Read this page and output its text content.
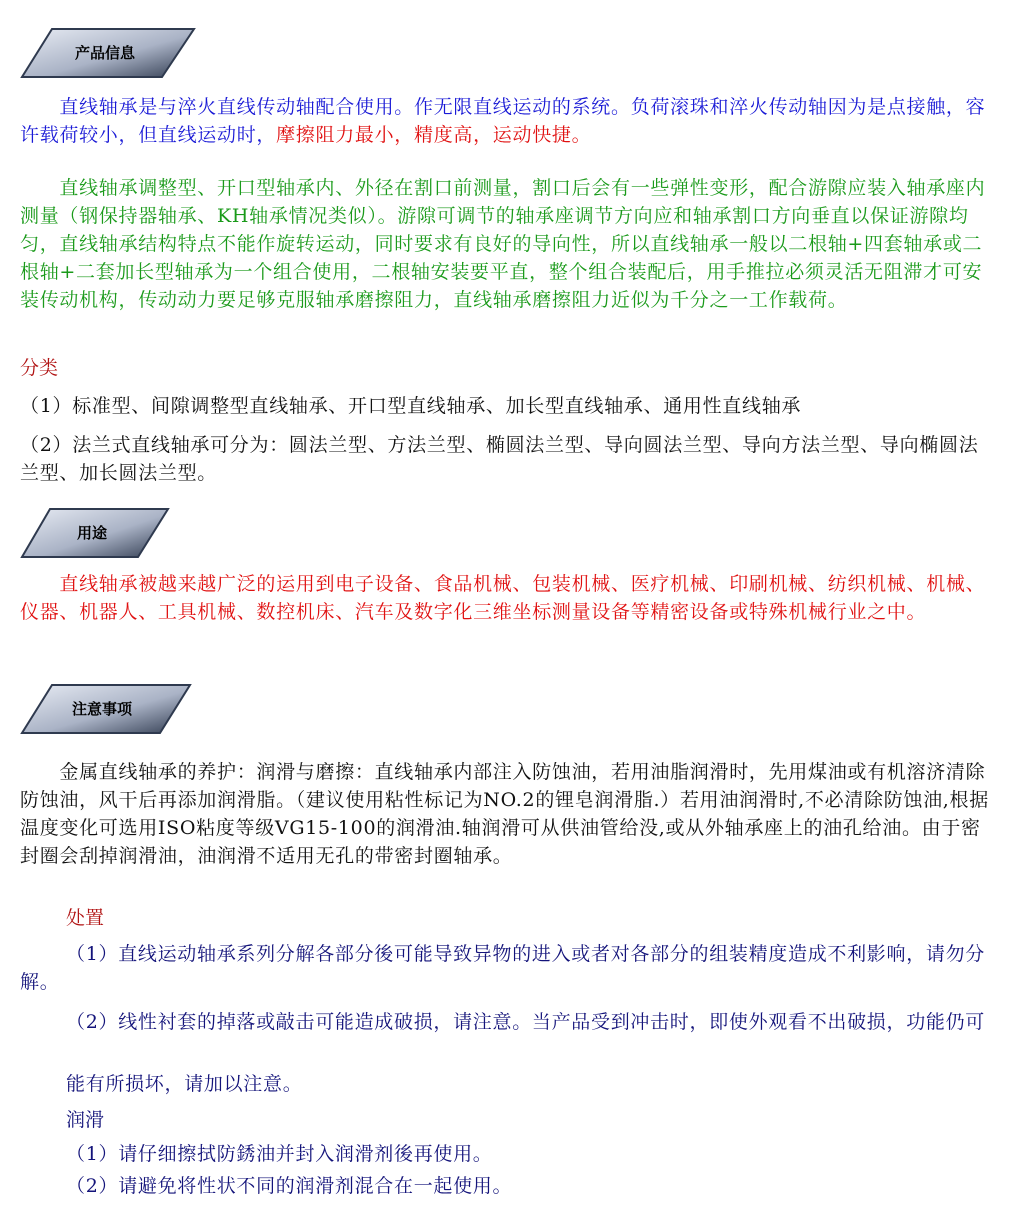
产品信息

　　直线轴承是与淬火直线传动轴配合使用。作无限直线运动的系统。负荷滚珠和淬火传动轴因为是点接触，容许载荷较小，但直线运动时，摩擦阻力最小，精度高，运动快捷。

　　直线轴承调整型、开口型轴承内、外径在割口前测量，割口后会有一些弹性变形，配合游隙应装入轴承座内测量（钢保持器轴承、KH轴承情况类似）。游隙可调节的轴承座调节方向应和轴承割口方向垂直以保证游隙均匀，直线轴承结构特点不能作旋转运动，同时要求有良好的导向性，所以直线轴承一般以二根轴+四套轴承或二根轴+二套加长型轴承为一个组合使用，二根轴安装要平直，整个组合装配后，用手推拉必须灵活无阻滞才可安装传动机构，传动动力要足够克服轴承磨擦阻力，直线轴承磨擦阻力近似为千分之一工作载荷。

分类

（1）标准型、间隙调整型直线轴承、开口型直线轴承、加长型直线轴承、通用性直线轴承

（2）法兰式直线轴承可分为：圆法兰型、方法兰型、椭圆法兰型、导向圆法兰型、导向方法兰型、导向椭圆法兰型、加长圆法兰型。

用途

　　直线轴承被越来越广泛的运用到电子设备、食品机械、包装机械、医疗机械、印刷机械、纺织机械、机械、仪器、机器人、工具机械、数控机床、汽车及数字化三维坐标测量设备等精密设备或特殊机械行业之中。

注意事项

　　金属直线轴承的养护：润滑与磨擦：直线轴承内部注入防蚀油，若用油脂润滑时，先用煤油或有机溶济清除防蚀油，风干后再添加润滑脂。（建议使用粘性标记为NO.2的锂皂润滑脂.）若用油润滑时,不必清除防蚀油,根据温度变化可选用ISO粘度等级VG15-100的润滑油.轴润滑可从供油管给没,或从外轴承座上的油孔给油。由于密封圈会刮掉润滑油，油润滑不适用无孔的带密封圈轴承。

处置

（1）直线运动轴承系列分解各部分後可能导致异物的进入或者对各部分的组装精度造成不利影响，请勿分解。

（2）线性衬套的掉落或敲击可能造成破损，请注意。当产品受到冲击时，即使外观看不出破损，功能仍可

能有所损坏，请加以注意。

润滑

（1）请仔细擦拭防銹油并封入润滑剂後再使用。

（2）请避免将性状不同的润滑剂混合在一起使用。
